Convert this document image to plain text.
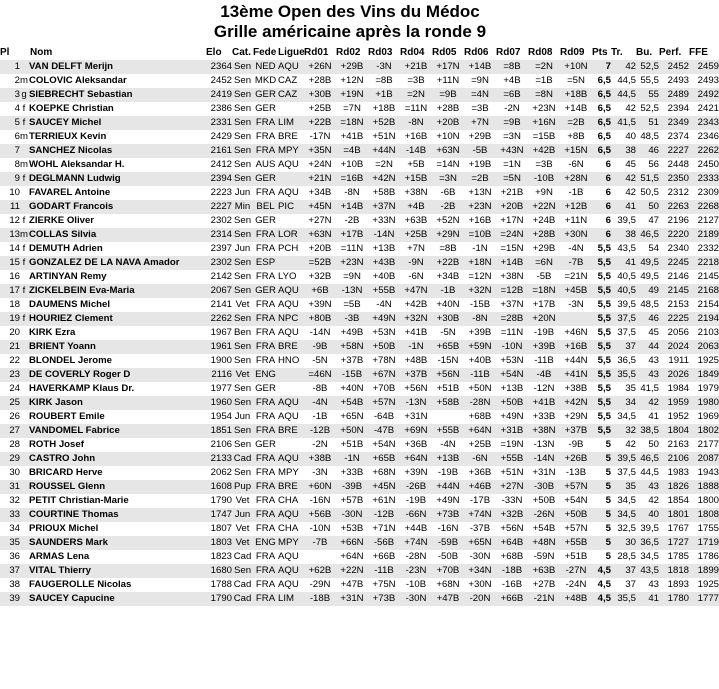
13ème Open des Vins du Médoc
Grille américaine après la ronde 9
Pl		Nom	Elo	Cat.	Fede	Ligue	Rd01	Rd02	Rd03	Rd04	Rd05	Rd06	Rd07	Rd08	Rd09	Pts	Tr.	Bu.	Perf.	FFE
1		VAN DELFT Merijn	2364	Sen	NED	AQU	+26N	+29B	-3N	+21B	+17N	+14B	=8B	=2N	+10N	7	42	52,5	2452	2459
2	m	COLOVIC Aleksandar	2452	Sen	MKD	CAZ	+28B	+12N	=8B	=3B	+11N	=9N	+4B	=1B	=5N	6,5	44,5	55,5	2493	2493
3	g	SIEBRECHT Sebastian	2419	Sen	GER	CAZ	+30B	+19N	+1B	=2N	=9B	=4N	=6B	=8N	+18B	6,5	44,5	55	2489	2492
4	f	KOEPKE Christian	2386	Sen	GER		+25B	=7N	+18B	=11N	+28B	=3B	-2N	+23N	+14B	6,5	42	52,5	2394	2421
5	f	SAUCEY Michel	2331	Sen	FRA	LIM	+22B	=18N	+52B	-8N	+20B	+7N	=9B	+16N	=2B	6,5	41,5	51	2349	2343
6	m	TERRIEUX Kevin	2429	Sen	FRA	BRE	-17N	+41B	+51N	+16B	+10N	+29B	=3N	=15B	+8B	6,5	40	48,5	2374	2346
7		SANCHEZ Nicolas	2161	Sen	FRA	MPY	+35N	=4B	+44N	-14B	+63N	-5B	+43N	+42B	+15N	6,5	38	46	2227	2262
8	m	WOHL Aleksandar H.	2412	Sen	AUS	AQU	+24N	+10B	=2N	+5B	=14N	+19B	=1N	=3B	-6N	6	45	56	2448	2450
9	f	DEGLMANN Ludwig	2394	Sen	GER		+21N	=16B	+42N	+15B	=3N	=2B	=5N	-10B	+28N	6	42	51,5	2350	2333
10		FAVAREL Antoine	2223	Jun	FRA	AQU	+34B	-8N	+58B	+38N	-6B	+13N	+21B	+9N	-1B	6	42	50,5	2312	2309
11		GODART Francois	2227	Min	BEL	PIC	+45N	+14B	+37N	+4B	-2B	+23N	+20B	+22N	+12B	6	41	50	2263	2268
12	f	ZIERKE Oliver	2302	Sen	GER		+27N	-2B	+33N	+63B	+52N	+16B	+17N	+24B	+11N	6	39,5	47	2196	2127
13	m	COLLAS Silvia	2314	Sen	FRA	LOR	+63N	+17B	-14N	+25B	+29N	=10B	=24N	+28B	+30N	6	38	46,5	2220	2189
14	f	DEMUTH Adrien	2397	Jun	FRA	PCH	+20B	=11N	+13B	+7N	=8B	-1N	=15N	+29B	-4N	5,5	43,5	54	2340	2332
15	f	GONZALEZ DE LA NAVA Amador	2302	Sen	ESP		=52B	+23N	+43B	-9N	+22B	+18N	+14B	=6N	-7B	5,5	41	49,5	2245	2218
16		ARTINYAN Remy	2142	Sen	FRA	LYO	+32B	=9N	+40B	-6N	+34B	=12N	+38N	-5B	=21N	5,5	40,5	49,5	2146	2145
17	f	ZICKELBEIN Eva-Maria	2067	Sen	GER	AQU	+6B	-13N	+55B	+47N	-1B	+32N	=12B	=18N	+45B	5,5	40,5	49	2145	2168
18		DAUMENS Michel	2141	Vet	FRA	AQU	+39N	=5B	-4N	+42B	+40N	-15B	+37N	+17B	-3N	5,5	39,5	48,5	2153	2154
19	f	HOURIEZ Clement	2262	Sen	FRA	NPC	+80B	-3B	+49N	+32N	+30B	-8N	=28B	+20N		5,5	37,5	46	2225	2194
20		KIRK Ezra	1967	Ben	FRA	AQU	-14N	+49B	+53N	+41B	-5N	+39B	=11N	-19B	+46N	5,5	37,5	45	2056	2103
21		BRIENT Yoann	1961	Sen	FRA	BRE	-9B	+58N	+50B	-1N	+65B	+59N	-10N	+39B	+16B	5,5	37	44	2024	2063
22		BLONDEL Jerome	1900	Sen	FRA	HNO	-5N	+37B	+78N	+48B	-15N	+40B	+53N	-11B	+44N	5,5	36,5	43	1911	1925
23		DE COVERLY Roger D	2116	Vet	ENG		=46N	-15B	+67N	+37B	+56N	-11B	+54N	-4B	+41N	5,5	35,5	43	2026	1849
24		HAVERKAMP Klaus Dr.	1977	Sen	GER		-8B	+40N	+70B	+56N	+51B	+50N	+13B	-12N	+38B	5,5	35	41,5	1984	1979
25		KIRK Jason	1960	Sen	FRA	AQU	-4N	+54B	+57N	-13N	+58B	-28N	+50B	+41B	+42N	5,5	34	42	1959	1980
26		ROUBERT Emile	1954	Jun	FRA	AQU	-1B	+65N	-64B	+31N		+68B	+49N	+33B	+29N	5,5	34,5	41	1952	1969
27		VANDOMEL Fabrice	1851	Sen	FRA	BRE	-12B	+50N	-47B	+69N	+55B	+64N	+31B	+38N	+37B	5,5	32	38,5	1804	1802
28		ROTH Josef	2106	Sen	GER		-2N	+51B	+54N	+36B	-4N	+25B	=19N	-13N	-9B	5	42	50	2163	2177
29		CASTRO John	2133	Cad	FRA	AQU	+38B	-1N	+65B	+64N	+13B	-6N	+55B	-14N	+26B	5	39,5	46,5	2106	2087
30		BRICARD Herve	2062	Sen	FRA	MPY	-3N	+33B	+68N	+39N	-19B	+36B	+51N	+31N	-13B	5	37,5	44,5	1983	1943
31		ROUSSEL Glenn	1608	Pup	FRA	BRE	+60N	-39B	+45N	-26B	+44N	+46B	+27N	-30B	+57N	5	35	43	1826	1888
32		PETIT Christian-Marie	1790	Vet	FRA	CHA	-16N	+57B	+61N	-19B	+49N	-17B	-33N	+50B	+54N	5	34,5	42	1854	1800
33		COURTINE Thomas	1747	Jun	FRA	AQU	+56B	-30N	-12B	-66N	+73B	+74N	+32B	-26N	+50B	5	34,5	40	1801	1808
34		PRIOUX Michel	1807	Vet	FRA	CHA	-10N	+53B	+71N	+44B	-16N	-37B	+56N	+54B	+57N	5	32,5	39,5	1767	1755
35		SAUNDERS Mark	1803	Vet	ENG	MPY	-7B	+66N	-56B	+74N	-59B	+65N	+64B	+48N	+55B	5	30	36,5	1727	1719
36		ARMAS Lena	1823	Cad	FRA	AQU		+64N	+66B	-28N	-50B	-30N	+68B	-59N	+51B	5	28,5	34,5	1785	1786
37		VITAL Thierry	1680	Sen	FRA	AQU	+62B	+22N	-11B	-23N	+70B	+34N	-18B	+63B	-27N	4,5	37	43,5	1818	1899
38		FAUGEROLLE Nicolas	1788	Cad	FRA	AQU	-29N	+47B	+75N	-10B	+68N	+30N	-16B	+27B	-24N	4,5	37	43	1893	1925
39		SAUCEY Capucine	1790	Cad	FRA	LIM	-18B	+31N	+73B	-30N	+47B	-20N	+66B	-21N	+48B	4,5	35,5	41	1780	1777
